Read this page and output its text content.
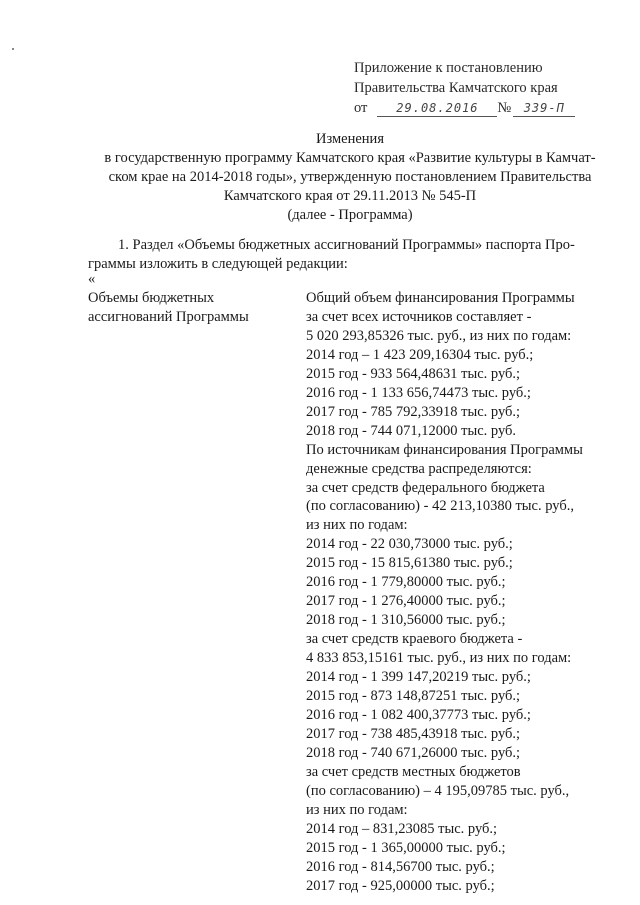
Приложение к постановлению
Правительства Камчатского края
от 29.08.2016 № 339-П
Изменения
в государственную программу Камчатского края «Развитие культуры в Камчат-
ском крае на 2014-2018 годы», утвержденную постановлением Правительства
Камчатского края от 29.11.2013 № 545-П
(далее - Программа)
1. Раздел «Объемы бюджетных ассигнований Программы» паспорта Про-
граммы изложить в следующей редакции:
«
Объемы бюджетных
ассигнований Программы
Общий объем финансирования Программы
за счет всех источников составляет -
5 020 293,85326 тыс. руб., из них по годам:
2014 год – 1 423 209,16304 тыс. руб.;
2015 год - 933 564,48631 тыс. руб.;
2016 год - 1 133 656,74473 тыс. руб.;
2017 год - 785 792,33918 тыс. руб.;
2018 год - 744 071,12000 тыс. руб.
По источникам финансирования Программы
денежные средства распределяются:
за счет средств федерального бюджета
(по согласованию) - 42 213,10380 тыс. руб.,
из них по годам:
2014 год - 22 030,73000 тыс. руб.;
2015 год - 15 815,61380 тыс. руб.;
2016 год - 1 779,80000 тыс. руб.;
2017 год - 1 276,40000 тыс. руб.;
2018 год - 1 310,56000 тыс. руб.;
за счет средств краевого бюджета -
4 833 853,15161 тыс. руб., из них по годам:
2014 год - 1 399 147,20219 тыс. руб.;
2015 год - 873 148,87251 тыс. руб.;
2016 год - 1 082 400,37773 тыс. руб.;
2017 год - 738 485,43918 тыс. руб.;
2018 год - 740 671,26000 тыс. руб.;
за счет средств местных бюджетов
(по согласованию) – 4 195,09785 тыс. руб.,
из них по годам:
2014 год – 831,23085 тыс. руб.;
2015 год - 1 365,00000 тыс. руб.;
2016 год - 814,56700 тыс. руб.;
2017 год - 925,00000 тыс. руб.;
